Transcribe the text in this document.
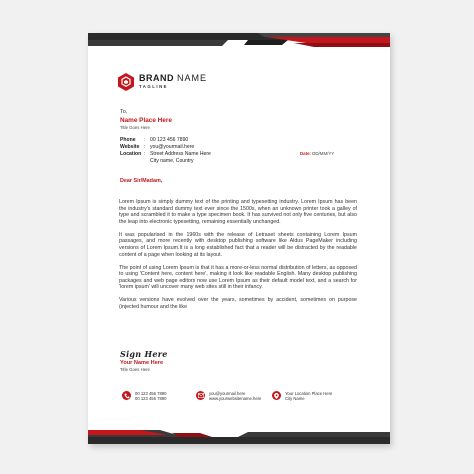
BRAND NAME
TAGLINE
To,
Name Place Here
Title Goes Here
Phone	: 00 123 456 7890
Website : you@yourmail.here
Location : Street Address Name Here
City name, Country
Date: DD/MM/YY
Dear Sir/Madam,

Lorem Ipsum is simply dummy text of the printing and typesetting industry. Lorem Ipsum has been the industry's standard dummy text ever since the 1500s, when an unknown printer took a galley of type and scrambled it to make a type specimen book. It has survived not only five centuries, but also the leap into electronic typesetting, remaining essentially unchanged.

It was popularised in the 1960s with the release of Letraset sheets containing Lorem Ipsum passages, and more recently with desktop publishing software like Aldus PageMaker including versions of Lorem Ipsum.It is a long established fact that a reader will be distracted by the readable content of a page when looking at its layout.

The point of using Lorem Ipsum is that it has a more-or-less normal distribution of letters, as opposed to using 'Content here, content here', making it look like readable English. Many desktop publishing packages and web page editors now use Lorem Ipsum as their default model text, and a search for 'lorem ipsum' will uncover many web sites still in their infancy.

Various versions have evolved over the years, sometimes by accident, sometimes on purpose (injected humour and the like

Sign Here
Your Name Here
Title Goes Here
00 123 456 7890
00 123 456 7890
you@yourmail.here
www.yourwebsitename.here
Your Location Place Here
City Name
